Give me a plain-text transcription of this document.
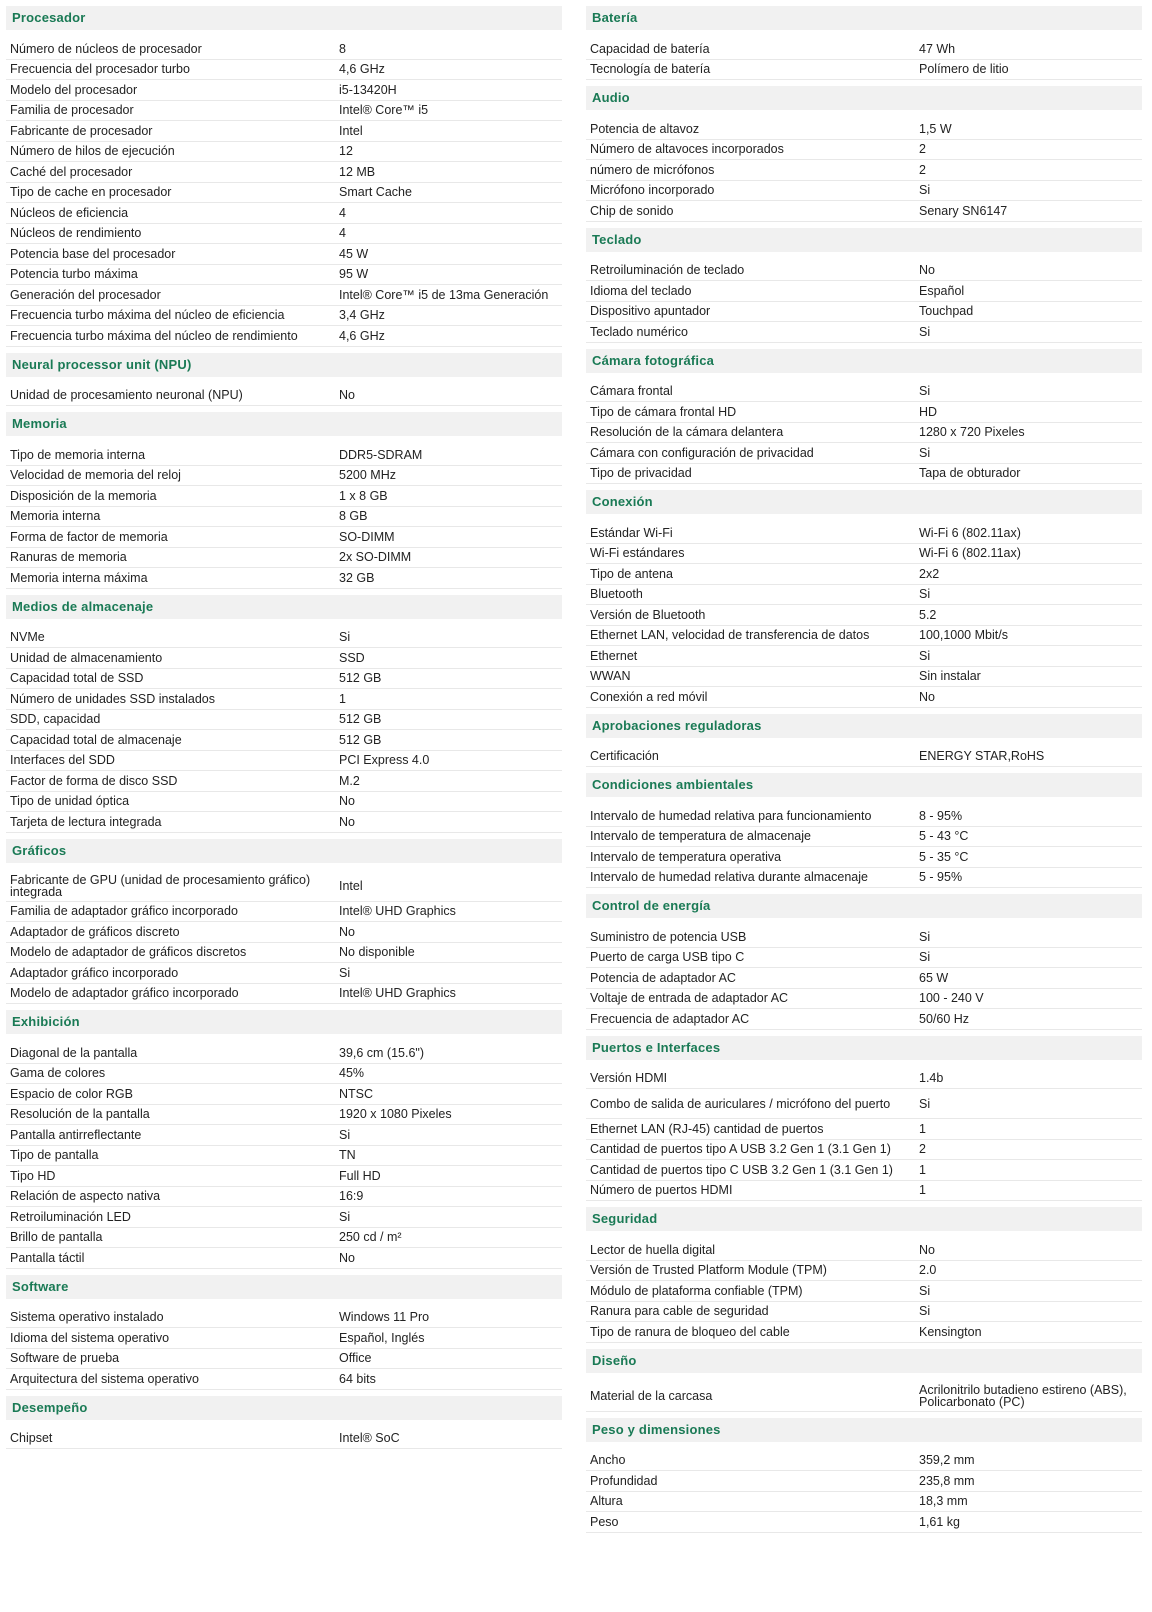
Procesador
Número de núcleos de procesador	8
Frecuencia del procesador turbo	4,6 GHz
Modelo del procesador	i5-13420H
Familia de procesador	Intel® Core™ i5
Fabricante de procesador	Intel
Número de hilos de ejecución	12
Caché del procesador	12 MB
Tipo de cache en procesador	Smart Cache
Núcleos de eficiencia	4
Núcleos de rendimiento	4
Potencia base del procesador	45 W
Potencia turbo máxima	95 W
Generación del procesador	Intel® Core™ i5 de 13ma Generación
Frecuencia turbo máxima del núcleo de eficiencia	3,4 GHz
Frecuencia turbo máxima del núcleo de rendimiento	4,6 GHz
Neural processor unit (NPU)
Unidad de procesamiento neuronal (NPU)	No
Memoria
Tipo de memoria interna	DDR5-SDRAM
Velocidad de memoria del reloj	5200 MHz
Disposición de la memoria	1 x 8 GB
Memoria interna	8 GB
Forma de factor de memoria	SO-DIMM
Ranuras de memoria	2x SO-DIMM
Memoria interna máxima	32 GB
Medios de almacenaje
NVMe	Si
Unidad de almacenamiento	SSD
Capacidad total de SSD	512 GB
Número de unidades SSD instalados	1
SDD, capacidad	512 GB
Capacidad total de almacenaje	512 GB
Interfaces del SDD	PCI Express 4.0
Factor de forma de disco SSD	M.2
Tipo de unidad óptica	No
Tarjeta de lectura integrada	No
Gráficos
Fabricante de GPU (unidad de procesamiento gráfico) integrada	Intel
Familia de adaptador gráfico incorporado	Intel® UHD Graphics
Adaptador de gráficos discreto	No
Modelo de adaptador de gráficos discretos	No disponible
Adaptador gráfico incorporado	Si
Modelo de adaptador gráfico incorporado	Intel® UHD Graphics
Exhibición
Diagonal de la pantalla	39,6 cm (15.6")
Gama de colores	45%
Espacio de color RGB	NTSC
Resolución de la pantalla	1920 x 1080 Pixeles
Pantalla antirreflectante	Si
Tipo de pantalla	TN
Tipo HD	Full HD
Relación de aspecto nativa	16:9
Retroiluminación LED	Si
Brillo de pantalla	250 cd / m²
Pantalla táctil	No
Software
Sistema operativo instalado	Windows 11 Pro
Idioma del sistema operativo	Español, Inglés
Software de prueba	Office
Arquitectura del sistema operativo	64 bits
Desempeño
Chipset	Intel® SoC
Batería
Capacidad de batería	47 Wh
Tecnología de batería	Polímero de litio
Audio
Potencia de altavoz	1,5 W
Número de altavoces incorporados	2
número de micrófonos	2
Micrófono incorporado	Si
Chip de sonido	Senary SN6147
Teclado
Retroiluminación de teclado	No
Idioma del teclado	Español
Dispositivo apuntador	Touchpad
Teclado numérico	Si
Cámara fotográfica
Cámara frontal	Si
Tipo de cámara frontal HD	HD
Resolución de la cámara delantera	1280 x 720 Pixeles
Cámara con configuración de privacidad	Si
Tipo de privacidad	Tapa de obturador
Conexión
Estándar Wi-Fi	Wi-Fi 6 (802.11ax)
Wi-Fi estándares	Wi-Fi 6 (802.11ax)
Tipo de antena	2x2
Bluetooth	Si
Versión de Bluetooth	5.2
Ethernet LAN, velocidad de transferencia de datos	100,1000 Mbit/s
Ethernet	Si
WWAN	Sin instalar
Conexión a red móvil	No
Aprobaciones reguladoras
Certificación	ENERGY STAR,RoHS
Condiciones ambientales
Intervalo de humedad relativa para funcionamiento	8 - 95%
Intervalo de temperatura de almacenaje	5 - 43 °C
Intervalo de temperatura operativa	5 - 35 °C
Intervalo de humedad relativa durante almacenaje	5 - 95%
Control de energía
Suministro de potencia USB	Si
Puerto de carga USB tipo C	Si
Potencia de adaptador AC	65 W
Voltaje de entrada de adaptador AC	100 - 240 V
Frecuencia de adaptador AC	50/60 Hz
Puertos e Interfaces
Versión HDMI	1.4b
Combo de salida de auriculares / micrófono del puerto	Si
Ethernet LAN (RJ-45) cantidad de puertos	1
Cantidad de puertos tipo A USB 3.2 Gen 1 (3.1 Gen 1)	2
Cantidad de puertos tipo C USB 3.2 Gen 1 (3.1 Gen 1)	1
Número de puertos HDMI	1
Seguridad
Lector de huella digital	No
Versión de Trusted Platform Module (TPM)	2.0
Módulo de plataforma confiable (TPM)	Si
Ranura para cable de seguridad	Si
Tipo de ranura de bloqueo del cable	Kensington
Diseño
Material de la carcasa	Acrilonitrilo butadieno estireno (ABS), Policarbonato (PC)
Peso y dimensiones
Ancho	359,2 mm
Profundidad	235,8 mm
Altura	18,3 mm
Peso	1,61 kg
